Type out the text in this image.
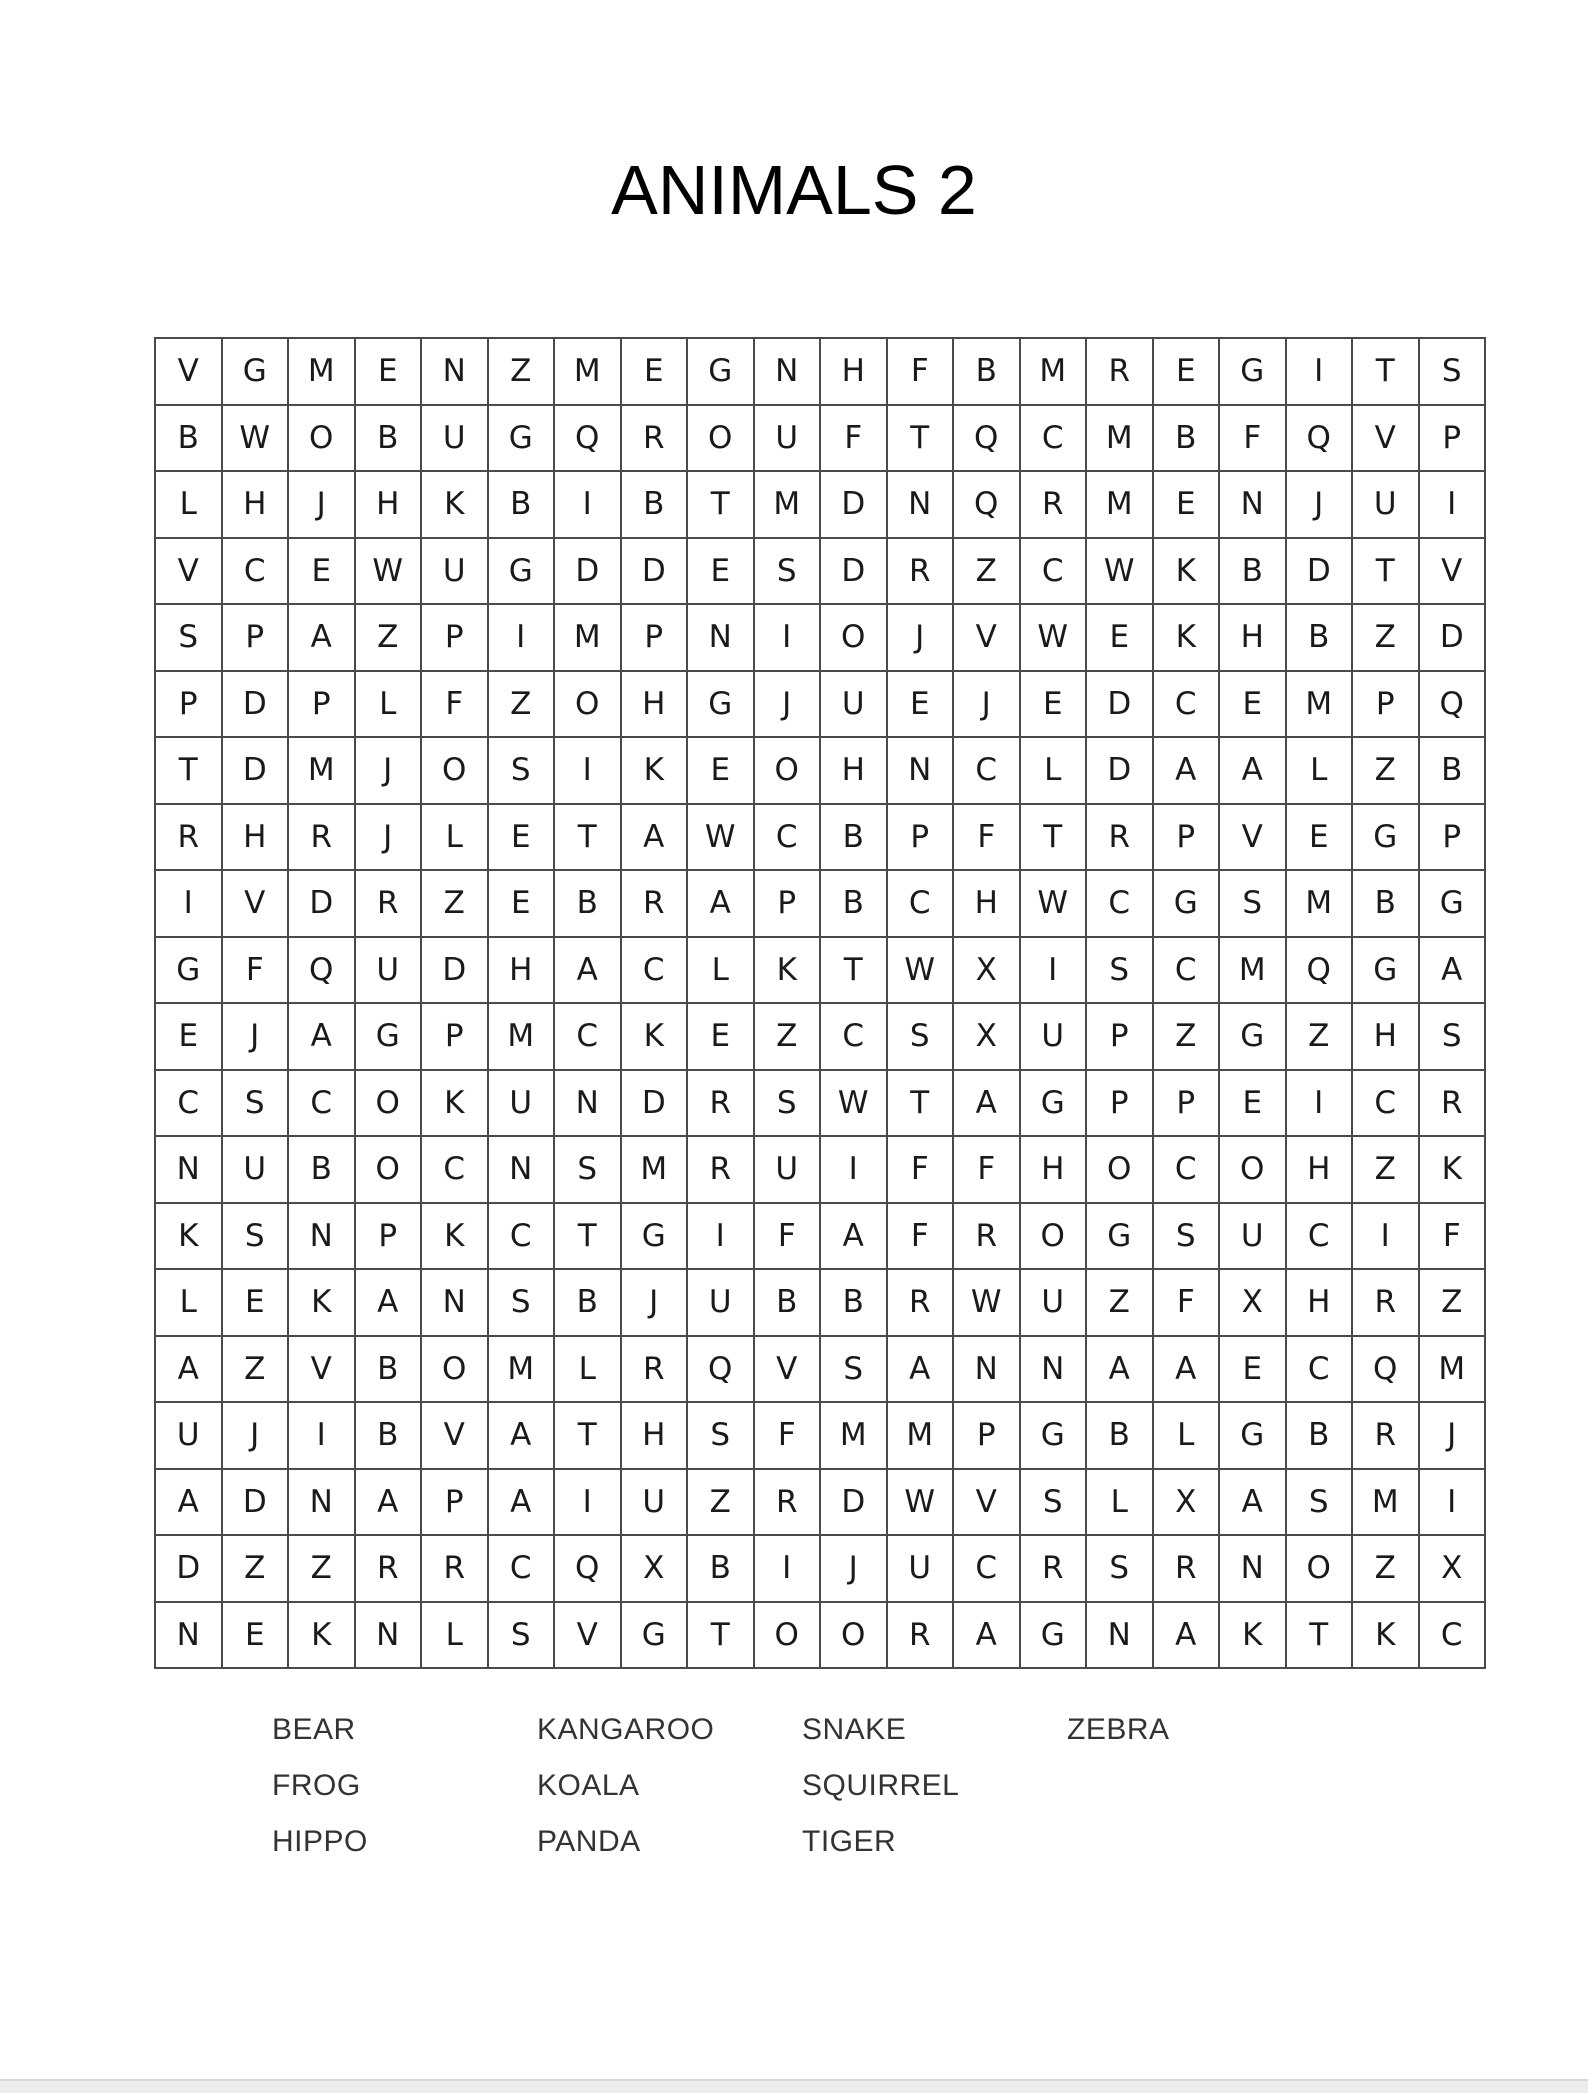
ANIMALS 2
V	G	M	E	N	Z	M	E	G	N	H	F	B	M	R	E	G	I	T	S
B	W	O	B	U	G	Q	R	O	U	F	T	Q	C	M	B	F	Q	V	P
L	H	J	H	K	B	I	B	T	M	D	N	Q	R	M	E	N	J	U	I
V	C	E	W	U	G	D	D	E	S	D	R	Z	C	W	K	B	D	T	V
S	P	A	Z	P	I	M	P	N	I	O	J	V	W	E	K	H	B	Z	D
P	D	P	L	F	Z	O	H	G	J	U	E	J	E	D	C	E	M	P	Q
T	D	M	J	O	S	I	K	E	O	H	N	C	L	D	A	A	L	Z	B
R	H	R	J	L	E	T	A	W	C	B	P	F	T	R	P	V	E	G	P
I	V	D	R	Z	E	B	R	A	P	B	C	H	W	C	G	S	M	B	G
G	F	Q	U	D	H	A	C	L	K	T	W	X	I	S	C	M	Q	G	A
E	J	A	G	P	M	C	K	E	Z	C	S	X	U	P	Z	G	Z	H	S
C	S	C	O	K	U	N	D	R	S	W	T	A	G	P	P	E	I	C	R
N	U	B	O	C	N	S	M	R	U	I	F	F	H	O	C	O	H	Z	K
K	S	N	P	K	C	T	G	I	F	A	F	R	O	G	S	U	C	I	F
L	E	K	A	N	S	B	J	U	B	B	R	W	U	Z	F	X	H	R	Z
A	Z	V	B	O	M	L	R	Q	V	S	A	N	N	A	A	E	C	Q	M
U	J	I	B	V	A	T	H	S	F	M	M	P	G	B	L	G	B	R	J
A	D	N	A	P	A	I	U	Z	R	D	W	V	S	L	X	A	S	M	I
D	Z	Z	R	R	C	Q	X	B	I	J	U	C	R	S	R	N	O	Z	X
N	E	K	N	L	S	V	G	T	O	O	R	A	G	N	A	K	T	K	C
BEAR
FROG
HIPPO
KANGAROO
KOALA
PANDA
SNAKE
SQUIRREL
TIGER
ZEBRA
